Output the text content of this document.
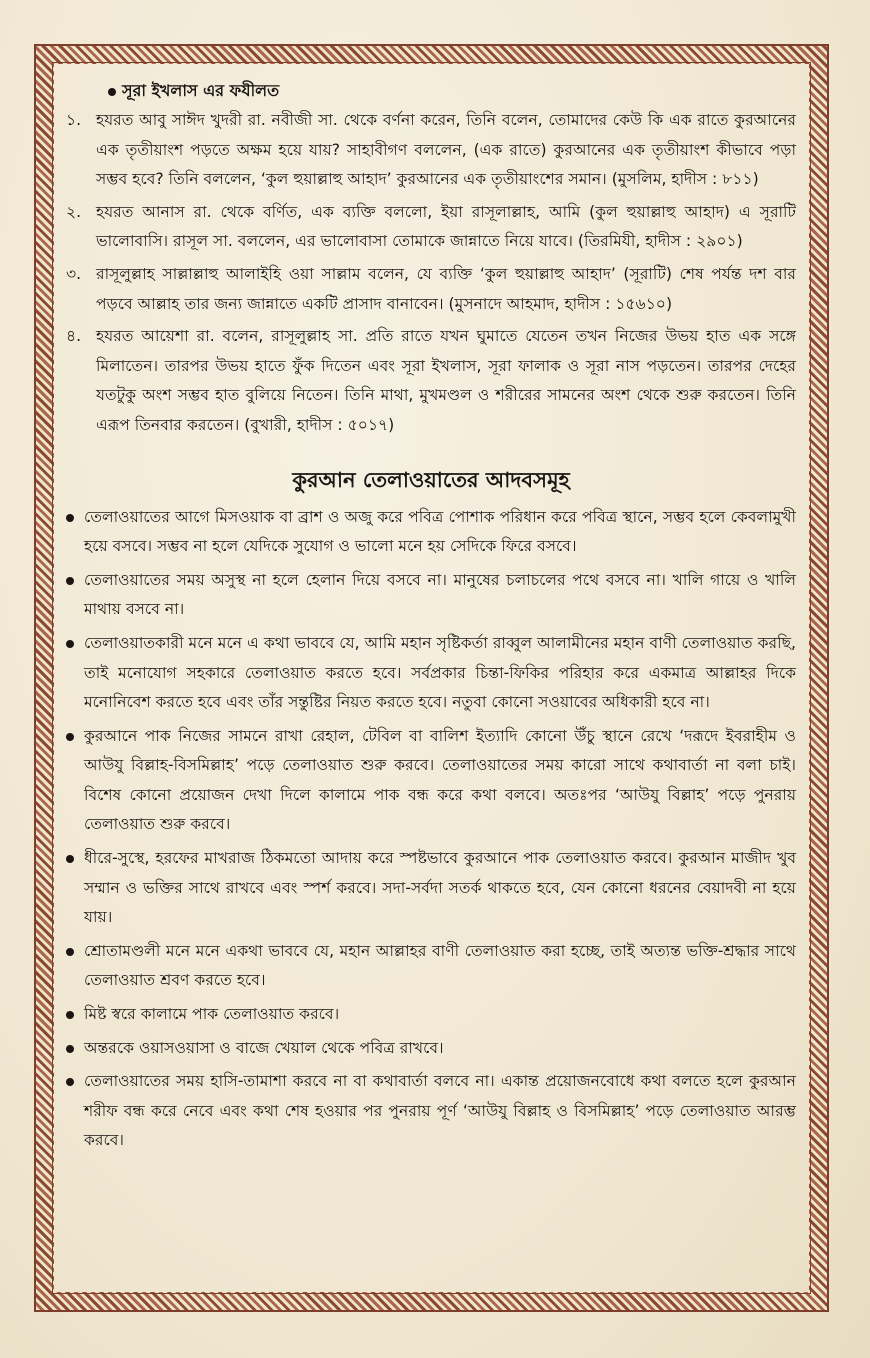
সূরা ইখলাস এর ফযীলত
১. হযরত আবু সাঈদ খুদরী রা. নবীজী সা. থেকে বর্ণনা করেন, তিনি বলেন, তোমাদের কেউ কি এক রাতে কুরআনের এক তৃতীয়াংশ পড়তে অক্ষম হয়ে যায়? সাহাবীগণ বললেন, (এক রাতে) কুরআনের এক তৃতীয়াংশ কীভাবে পড়া সম্ভব হবে? তিনি বললেন, ‘কুল হুয়াল্লাহু আহাদ’ কুরআনের এক তৃতীয়াংশের সমান। (মুসলিম, হাদীস : ৮১১)
২. হযরত আনাস রা. থেকে বর্ণিত, এক ব্যক্তি বললো, ইয়া রাসূলাল্লাহ, আমি (কুল হুয়াল্লাহু আহাদ) এ সূরাটি ভালোবাসি। রাসূল সা. বললেন, এর ভালোবাসা তোমাকে জান্নাতে নিয়ে যাবে। (তিরমিযী, হাদীস : ২৯০১)
৩. রাসূলুল্লাহ সাল্লাল্লাহু আলাইহি ওয়া সাল্লাম বলেন, যে ব্যক্তি ‘কুল হুয়াল্লাহু আহাদ’ (সূরাটি) শেষ পর্যন্ত দশ বার পড়বে আল্লাহ তার জন্য জান্নাতে একটি প্রাসাদ বানাবেন। (মুসনাদে আহমাদ, হাদীস : ১৫৬১০)
৪. হযরত আয়েশা রা. বলেন, রাসূলুল্লাহ সা. প্রতি রাতে যখন ঘুমাতে যেতেন তখন নিজের উভয় হাত এক সঙ্গে মিলাতেন। তারপর উভয় হাতে ফুঁক দিতেন এবং সূরা ইখলাস, সূরা ফালাক ও সূরা নাস পড়তেন। তারপর দেহের যতটুকু অংশ সম্ভব হাত বুলিয়ে নিতেন। তিনি মাথা, মুখমণ্ডল ও শরীরের সামনের অংশ থেকে শুরু করতেন। তিনি এরূপ তিনবার করতেন। (বুখারী, হাদীস : ৫০১৭)
কুরআন তেলাওয়াতের আদবসমূহ
তেলাওয়াতের আগে মিসওয়াক বা ব্রাশ ও অজু করে পবিত্র পোশাক পরিধান করে পবিত্র স্থানে, সম্ভব হলে কেবলামুখী হয়ে বসবে। সম্ভব না হলে যেদিকে সুযোগ ও ভালো মনে হয় সেদিকে ফিরে বসবে।
তেলাওয়াতের সময় অসুস্থ না হলে হেলান দিয়ে বসবে না। মানুষের চলাচলের পথে বসবে না। খালি গায়ে ও খালি মাথায় বসবে না।
তেলাওয়াতকারী মনে মনে এ কথা ভাববে যে, আমি মহান সৃষ্টিকর্তা রাব্বুল আলামীনের মহান বাণী তেলাওয়াত করছি, তাই মনোযোগ সহকারে তেলাওয়াত করতে হবে। সর্বপ্রকার চিন্তা-ফিকির পরিহার করে একমাত্র আল্লাহর দিকে মনোনিবেশ করতে হবে এবং তাঁর সন্তুষ্টির নিয়ত করতে হবে। নতুবা কোনো সওয়াবের অধিকারী হবে না।
কুরআনে পাক নিজের সামনে রাখা রেহাল, টেবিল বা বালিশ ইত্যাদি কোনো উঁচু স্থানে রেখে ‘দরূদে ইবরাহীম ও আউযু বিল্লাহ-বিসমিল্লাহ’ পড়ে তেলাওয়াত শুরু করবে। তেলাওয়াতের সময় কারো সাথে কথাবার্তা না বলা চাই। বিশেষ কোনো প্রয়োজন দেখা দিলে কালামে পাক বন্ধ করে কথা বলবে। অতঃপর ‘আউযু বিল্লাহ’ পড়ে পুনরায় তেলাওয়াত শুরু করবে।
ধীরে-সুস্থে, হরফের মাখরাজ ঠিকমতো আদায় করে স্পষ্টভাবে কুরআনে পাক তেলাওয়াত করবে। কুরআন মাজীদ খুব সম্মান ও ভক্তির সাথে রাখবে এবং স্পর্শ করবে। সদা-সর্বদা সতর্ক থাকতে হবে, যেন কোনো ধরনের বেয়াদবী না হয়ে যায়।
শ্রোতামণ্ডলী মনে মনে একথা ভাববে যে, মহান আল্লাহর বাণী তেলাওয়াত করা হচ্ছে, তাই অত্যন্ত ভক্তি-শ্রদ্ধার সাথে তেলাওয়াত শ্রবণ করতে হবে।
মিষ্ট স্বরে কালামে পাক তেলাওয়াত করবে।
অন্তরকে ওয়াসওয়াসা ও বাজে খেয়াল থেকে পবিত্র রাখবে।
তেলাওয়াতের সময় হাসি-তামাশা করবে না বা কথাবার্তা বলবে না। একান্ত প্রয়োজনবোধে কথা বলতে হলে কুরআন শরীফ বন্ধ করে নেবে এবং কথা শেষ হওয়ার পর পুনরায় পূর্ণ ‘আউযু বিল্লাহ ও বিসমিল্লাহ’ পড়ে তেলাওয়াত আরম্ভ করবে।
